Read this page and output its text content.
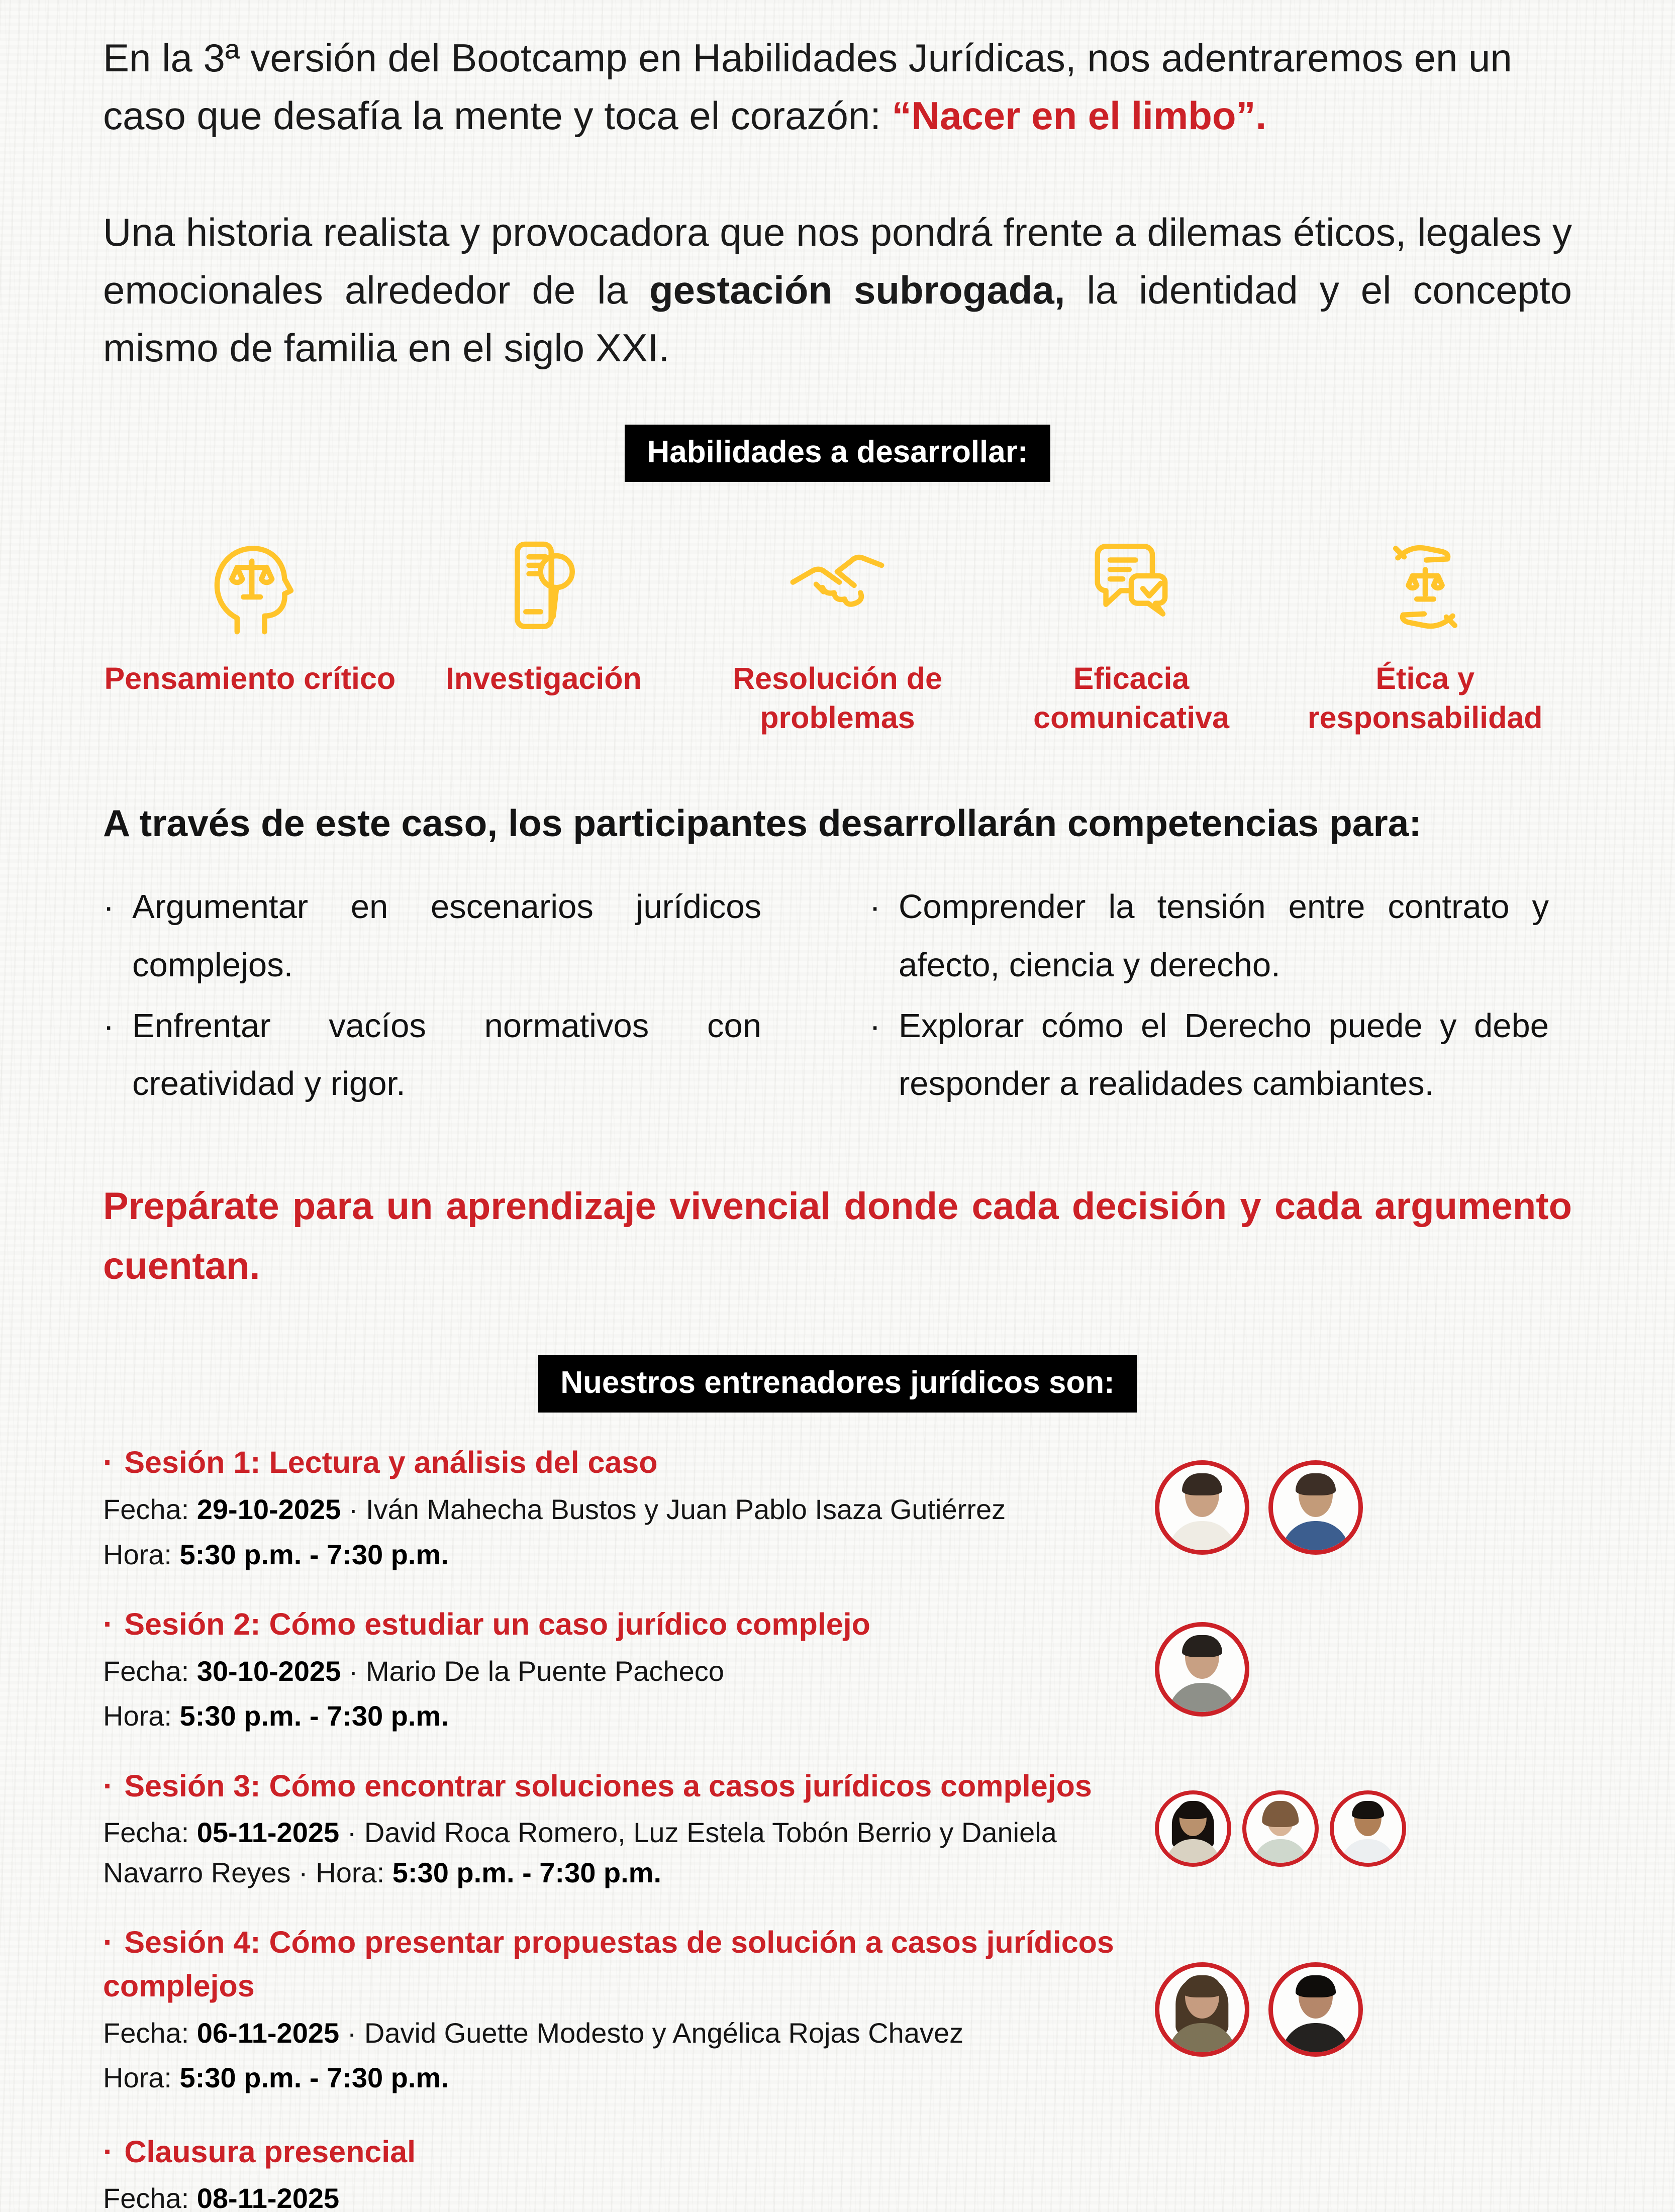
En la 3ª versión del Bootcamp en Habilidades Jurídicas, nos adentraremos en un caso que desafía la mente y toca el corazón: “Nacer en el limbo”.

Una historia realista y provocadora que nos pondrá frente a dilemas éticos, legales y emocionales alrededor de la gestación subrogada, la identidad y el concepto mismo de familia en el siglo XXI.

Habilidades a desarrollar:
Pensamiento crítico Investigación	Resolución de problemas
Eficacia comunicativa
Ética y responsabilidad
A través de este caso, los participantes desarrollarán competencias para:
· Argumentar en escenarios jurídicos complejos.
· Enfrentar vacíos normativos con creatividad y rigor.
· Comprender la tensión entre contrato y afecto, ciencia y derecho.
· Explorar cómo el Derecho puede y debe responder a realidades cambiantes.

Prepárate para un aprendizaje vivencial donde cada decisión y cada argumento cuentan.

Nuestros entrenadores jurídicos son:
· Sesión 1: Lectura y análisis del caso

Fecha: 29-10-2025 · Iván Mahecha Bustos y Juan Pablo Isaza Gutiérrez

Hora: 5:30 p.m. - 7:30 p.m.

· Sesión 2: Cómo estudiar un caso jurídico complejo

Fecha: 30-10-2025 · Mario De la Puente Pacheco

Hora: 5:30 p.m. - 7:30 p.m.

· Sesión 3: Cómo encontrar soluciones a casos jurídicos complejos

Fecha: 05-11-2025 · David Roca Romero, Luz Estela Tobón Berrio y Daniela Navarro Reyes · Hora: 5:30 p.m. - 7:30 p.m.

· Sesión 4: Cómo presentar propuestas de solución a casos jurídicos complejos

Fecha: 06-11-2025 · David Guette Modesto y Angélica Rojas Chavez

Hora: 5:30 p.m. - 7:30 p.m.

· Clausura presencial

Fecha: 08-11-2025
